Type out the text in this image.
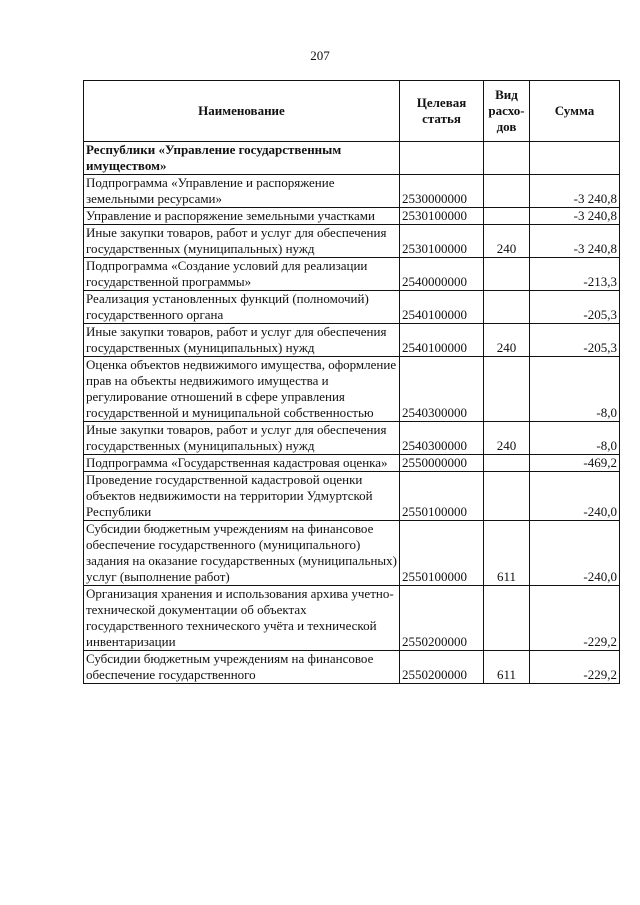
207
Наименование	Целевая статья	Вид расхо-дов	Сумма
Республики «Управление государственным имуществом»			
Подпрограмма «Управление и распоряжение земельными ресурсами»	2530000000		-3 240,8
Управление и распоряжение земельными участками	2530100000		-3 240,8
Иные закупки товаров, работ и услуг для обеспечения государственных (муниципальных) нужд	2530100000	240	-3 240,8
Подпрограмма «Создание условий для реализации государственной программы»	2540000000		-213,3
Реализация установленных функций (полномочий) государственного органа	2540100000		-205,3
Иные закупки товаров, работ и услуг для обеспечения государственных (муниципальных) нужд	2540100000	240	-205,3
Оценка объектов недвижимого имущества, оформление прав на объекты недвижимого имущества и регулирование отношений в сфере управления государственной и муниципальной собственностью	2540300000		-8,0
Иные закупки товаров, работ и услуг для обеспечения государственных (муниципальных) нужд	2540300000	240	-8,0
Подпрограмма «Государственная кадастровая оценка»	2550000000		-469,2
Проведение государственной кадастровой оценки объектов недвижимости на территории Удмуртской Республики	2550100000		-240,0
Субсидии бюджетным учреждениям на финансовое обеспечение государственного (муниципального) задания на оказание государственных (муниципальных) услуг (выполнение работ)	2550100000	611	-240,0
Организация хранения и использования архива учетно-технической документации об объектах государственного технического учёта и технической инвентаризации	2550200000		-229,2
Субсидии бюджетным учреждениям на финансовое обеспечение государственного	2550200000	611	-229,2
